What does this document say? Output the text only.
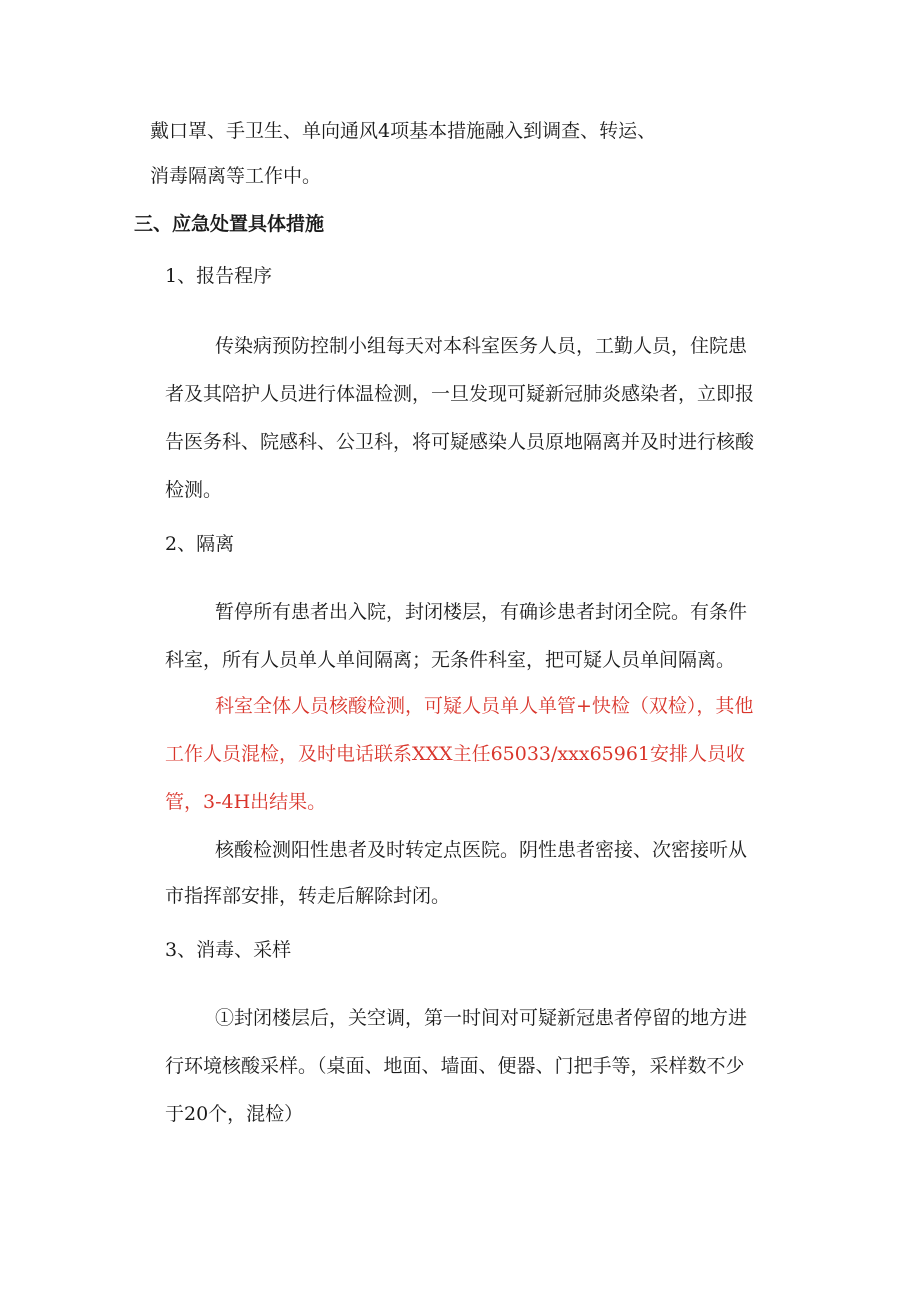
戴口罩、手卫生、单向通风4项基本措施融入到调查、转运、

消毒隔离等工作中。

三、应急处置具体措施

1、报告程序

传染病预防控制小组每天对本科室医务人员，工勤人员，住院患

者及其陪护人员进行体温检测，一旦发现可疑新冠肺炎感染者，立即报

告医务科、院感科、公卫科，将可疑感染人员原地隔离并及时进行核酸

检测。

2、隔离

暂停所有患者出入院，封闭楼层，有确诊患者封闭全院。有条件

科室，所有人员单人单间隔离；无条件科室，把可疑人员单间隔离。

科室全体人员核酸检测，可疑人员单人单管+快检（双检），其他

工作人员混检，及时电话联系XXX主任65033/xxx65961安排人员收

管，3-4H出结果。

核酸检测阳性患者及时转定点医院。阴性患者密接、次密接听从

市指挥部安排，转走后解除封闭。

3、消毒、采样

①封闭楼层后，关空调，第一时间对可疑新冠患者停留的地方进

行环境核酸采样。（桌面、地面、墙面、便器、门把手等，采样数不少

于20个，混检）
